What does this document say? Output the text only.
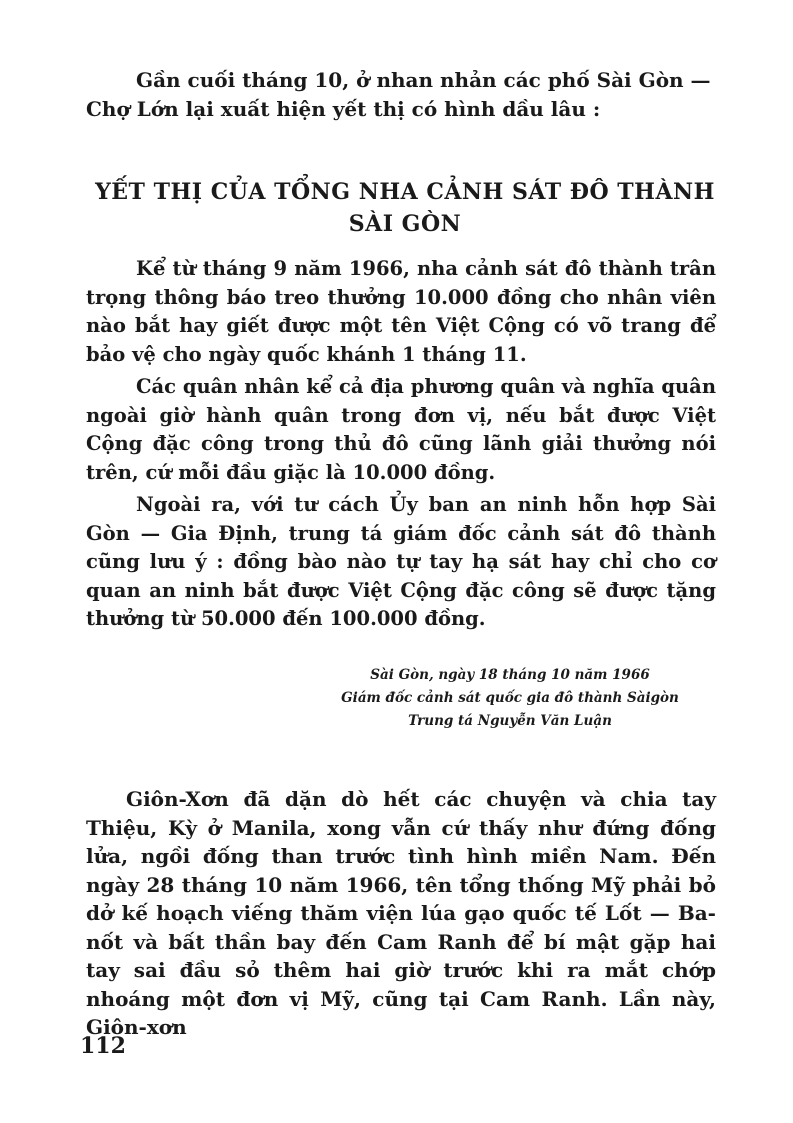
Gần cuối tháng 10, ở nhan nhản các phố Sài Gòn —

Chợ Lớn lại xuất hiện yết thị có hình dầu lâu :

YẾT THỊ CỦA TỔNG NHA CẢNH SÁT ĐÔ THÀNH
SÀI GÒN

Kể từ tháng 9 năm 1966, nha cảnh sát đô thành trân trọng thông báo treo thưởng 10.000 đồng cho nhân viên nào bắt hay giết được một tên Việt Cộng có võ trang để bảo vệ cho ngày quốc khánh 1 tháng 11.

Các quân nhân kể cả địa phương quân và nghĩa quân ngoài giờ hành quân trong đơn vị, nếu bắt được Việt Cộng đặc công trong thủ đô cũng lãnh giải thưởng nói trên, cứ mỗi đầu giặc là 10.000 đồng.

Ngoài ra, với tư cách Ủy ban an ninh hỗn hợp Sài Gòn — Gia Định, trung tá giám đốc cảnh sát đô thành cũng lưu ý : đồng bào nào tự tay hạ sát hay chỉ cho cơ quan an ninh bắt được Việt Cộng đặc công sẽ được tặng thưởng từ 50.000 đến 100.000 đồng.

Sài Gòn, ngày 18 tháng 10 năm 1966
Giám đốc cảnh sát quốc gia đô thành Sàigòn
Trung tá Nguyễn Văn Luận

Giôn-Xơn đã dặn dò hết các chuyện và chia tay Thiệu, Kỳ ở Manila, xong vẫn cứ thấy như đứng đống lửa, ngồi đống than trước tình hình miền Nam. Đến ngày 28 tháng 10 năm 1966, tên tổng thống Mỹ phải bỏ dở kế hoạch viếng thăm viện lúa gạo quốc tế Lốt — Ba-nốt và bất thần bay đến Cam Ranh để bí mật gặp hai tay sai đầu sỏ thêm hai giờ trước khi ra mắt chớp nhoáng một đơn vị Mỹ, cũng tại Cam Ranh. Lần này, Giôn-xơn

112
